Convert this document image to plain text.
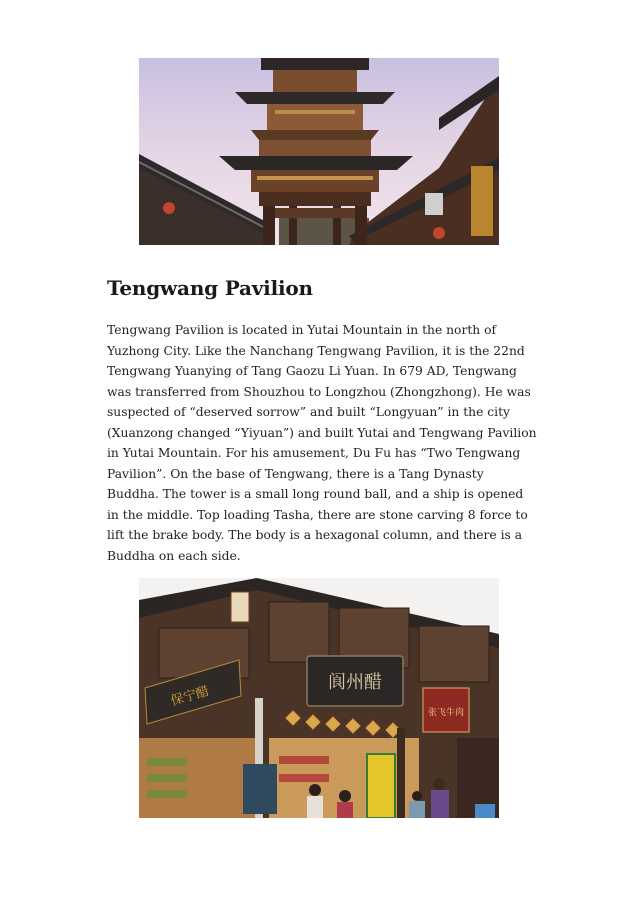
Tengwang Pavilion

Tengwang Pavilion is located in Yutai Mountain in the north of Yuzhong City. Like the Nanchang Tengwang Pavilion, it is the 22nd Tengwang Yuanying of Tang Gaozu Li Yuan. In 679 AD, Tengwang was transferred from Shouzhou to Longzhou (Zhongzhong). He was suspected of “deserved sorrow” and built “Longyuan” in the city (Xuanzong changed “Yiyuan”) and built Yutai and Tengwang Pavilion in Yutai Mountain. For his amusement, Du Fu has “Two Tengwang Pavilion”. On the base of Tengwang, there is a Tang Dynasty Buddha. The tower is a small long round ball, and a ship is opened in the middle. Top loading Tasha, there are stone carving 8 force to lift the brake body. The body is a hexagonal column, and there is a Buddha on each side.

阆州醋
保宁醋
张飞牛肉
